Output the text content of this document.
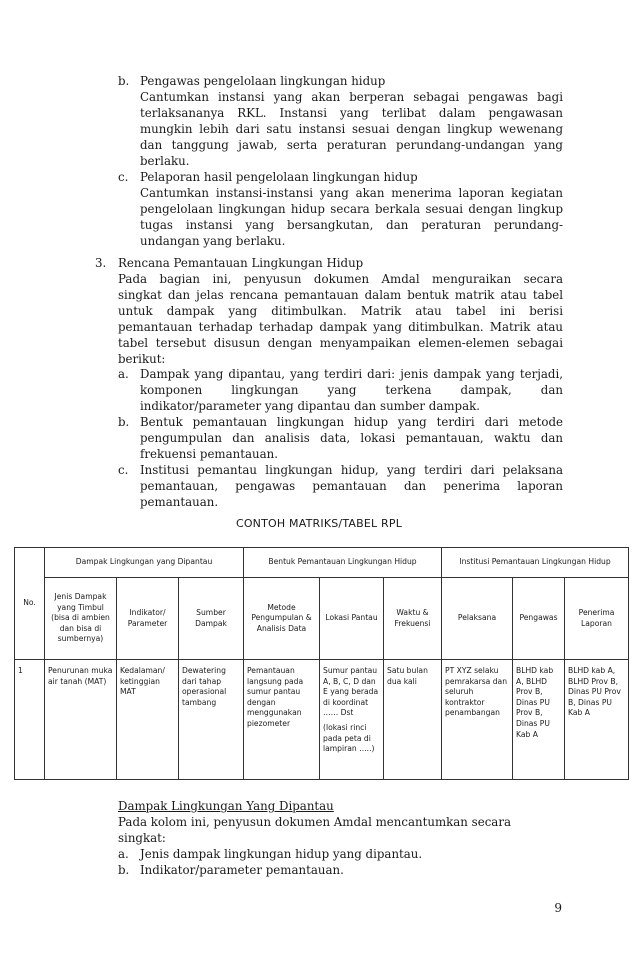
b. Pengawas pengelolaan lingkungan hidup
Cantumkan instansi yang akan berperan sebagai pengawas bagi
terlaksananya RKL. Instansi yang terlibat dalam pengawasan
mungkin lebih dari satu instansi sesuai dengan lingkup wewenang
dan tanggung jawab, serta peraturan perundang-undangan yang
berlaku.
c. Pelaporan hasil pengelolaan lingkungan hidup
Cantumkan instansi-instansi yang akan menerima laporan kegiatan
pengelolaan lingkungan hidup secara berkala sesuai dengan lingkup
tugas instansi yang bersangkutan, dan peraturan perundang-
undangan yang berlaku.
3. Rencana Pemantauan Lingkungan Hidup
Pada bagian ini, penyusun dokumen Amdal menguraikan secara
singkat dan jelas rencana pemantauan dalam bentuk matrik atau tabel
untuk dampak yang ditimbulkan. Matrik atau tabel ini berisi
pemantauan terhadap terhadap dampak yang ditimbulkan. Matrik atau
tabel tersebut disusun dengan menyampaikan elemen-elemen sebagai
berikut:
a. Dampak yang dipantau, yang terdiri dari: jenis dampak yang terjadi,
komponen lingkungan yang terkena dampak, dan
indikator/parameter yang dipantau dan sumber dampak.
b. Bentuk pemantauan lingkungan hidup yang terdiri dari metode
pengumpulan dan analisis data, lokasi pemantauan, waktu dan
frekuensi pemantauan.
c. Institusi pemantau lingkungan hidup, yang terdiri dari pelaksana
pemantauan, pengawas pemantauan dan penerima laporan
pemantauan.
CONTOH MATRIKS/TABEL RPL
No.	Dampak Lingkungan yang Dipantau			Bentuk Pemantauan Lingkungan Hidup			Institusi Pemantauan Lingkungan Hidup		
	Jenis Dampak yang Timbul (bisa di ambien dan bisa di sumbernya)	Indikator/ Parameter	Sumber Dampak	Metode Pengumpulan & Analisis Data	Lokasi Pantau	Waktu & Frekuensi	Pelaksana	Pengawas	Penerima Laporan
1	Penurunan muka air tanah (MAT)	Kedalaman/ ketinggian MAT	Dewatering dari tahap operasional tambang	Pemantauan langsung pada sumur pantau dengan menggunakan piezometer	Sumur pantau A, B, C, D dan E yang berada di koordinat …… Dst
(lokasi rinci pada peta di lampiran …..)	Satu bulan dua kali	PT XYZ selaku pemrakarsa dan seluruh kontraktor penambangan	BLHD kab A, BLHD Prov B, Dinas PU Prov B, Dinas PU Kab A	BLHD kab A, BLHD Prov B, Dinas PU Prov B, Dinas PU Kab A
Dampak Lingkungan Yang Dipantau
Pada kolom ini, penyusun dokumen Amdal mencantumkan secara
singkat:
a. Jenis dampak lingkungan hidup yang dipantau.
b. Indikator/parameter pemantauan.
9
